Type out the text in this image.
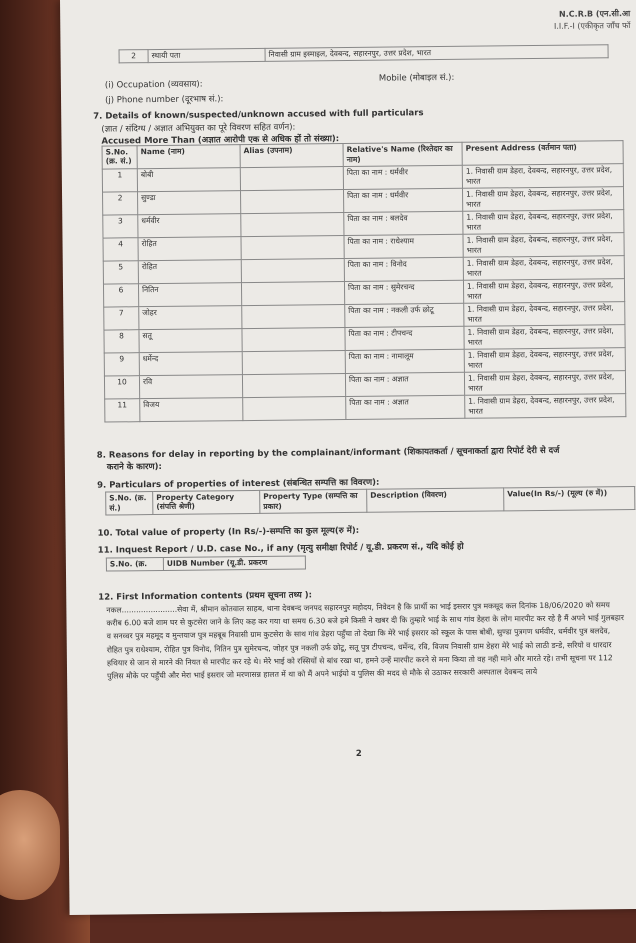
N.C.R.B (एन.सी.आ
I.I.F.-I (एकीकृत जाँच फॉ
2	स्थायी पता	निवासी ग्राम इस्माइल, देवबन्द, सहारनपुर, उत्तर प्रदेश, भारत
(i) Occupation (व्यवसाय):
Mobile (मोबाइल सं.):
(j) Phone number (दूरभाष सं.):
7. Details of known/suspected/unknown accused with full particulars
(ज्ञात / संदिग्ध / अज्ञात अभियुक्त का पूरे विवरण सहित वर्णन):
Accused More Than (अज्ञात आरोपी एक से अधिक हों तो संख्या):
S.No.(क्र. सं.)	Name (नाम)	Alias (उपनाम)	Relative's Name (रिश्तेदार का नाम)	Present Address (वर्तमान पता)
1	बोबी		पिता का नाम : धर्मवीर	1. निवासी ग्राम डेहरा, देवबन्द, सहारनपुर, उत्तर प्रदेश, भारत
2	सुण्डा		पिता का नाम : धर्मवीर	1. निवासी ग्राम डेहरा, देवबन्द, सहारनपुर, उत्तर प्रदेश, भारत
3	धर्मवीर		पिता का नाम : बलदेव	1. निवासी ग्राम डेहरा, देवबन्द, सहारनपुर, उत्तर प्रदेश, भारत
4	रोहित		पिता का नाम : राधेश्याम	1. निवासी ग्राम डेहरा, देवबन्द, सहारनपुर, उत्तर प्रदेश, भारत
5	रोहित		पिता का नाम : विनोद	1. निवासी ग्राम डेहरा, देवबन्द, सहारनपुर, उत्तर प्रदेश, भारत
6	नितिन		पिता का नाम : सुमेरचन्द	1. निवासी ग्राम डेहरा, देवबन्द, सहारनपुर, उत्तर प्रदेश, भारत
7	जोहर		पिता का नाम : नकली उर्फ छोटू	1. निवासी ग्राम डेहरा, देवबन्द, सहारनपुर, उत्तर प्रदेश, भारत
8	सतू		पिता का नाम : टीपचन्द	1. निवासी ग्राम डेहरा, देवबन्द, सहारनपुर, उत्तर प्रदेश, भारत
9	धर्मेन्द		पिता का नाम : नामालूम	1. निवासी ग्राम डेहरा, देवबन्द, सहारनपुर, उत्तर प्रदेश, भारत
10	रवि		पिता का नाम : अज्ञात	1. निवासी ग्राम डेहरा, देवबन्द, सहारनपुर, उत्तर प्रदेश, भारत
11	विजय		पिता का नाम : अज्ञात	1. निवासी ग्राम डेहरा, देवबन्द, सहारनपुर, उत्तर प्रदेश, भारत
8. Reasons for delay in reporting by the complainant/informant (शिकायतकर्ता / सूचनाकर्ता द्वारा रिपोर्ट देरी से दर्ज
कराने के कारण):
9. Particulars of properties of interest (संबन्धित सम्पत्ति का विवरण):
S.No. (क्र. सं.)	Property Category (संपत्ति श्रेणी)	Property Type (सम्पत्ति का प्रकार)	Description (विवरण)	Value(In Rs/-) (मूल्य (रु में))
10. Total value of property (In Rs/-)-सम्पत्ति का कुल मूल्य(रु में):
11. Inquest Report / U.D. case No., if any (मृत्यु समीक्षा रिपोर्ट / यू.डी. प्रकरण सं., यदि कोई हो
S.No. (क्र.	UIDB Number (यू.डी. प्रकरण
12. First Information contents (प्रथम सूचना तथ्य ):
नकल.......................सेवा में, श्रीमान कोतवाल साहब, थाना देवबन्द जनपद सहारनपुर महोदय, निवेदन है कि प्रार्थी का भाई इसरार पुत्र मकसूद कल दिनांक 18/06/2020 को समय करीब 6.00 बजे शाम घर से कुटसेरा जाने के लिए कह कर गया था समय 6.30 बजे हमे किसी ने खबर दी कि तुम्हारे भाई के साथ गांव डेहरा के लोग मारपीट कर रहे है मैं अपने भाई गुलबहार व सनव्वर पुत्र महमूद व मुन्तयाज पुत्र महबूब निवासी ग्राम कुटसेरा के साथ गांव डेहरा पहुँचा तो देखा कि मेरे भाई इसरार को स्कूल के पास बोबी, सुण्डा पुत्रगण धर्मवीर, धर्मवीर पुत्र बलदेव, रोहित पुत्र राधेश्याम, रोहित पुत्र विनोद, नितिन पुत्र सुमेरचन्द, जोहर पुत्र नकली उर्फ छोटू, सतू पुत्र टीपचन्द, धर्मेन्द, रवि, विजय निवासी ग्राम डेहरा मेरे भाई को लाठी डन्डे, सरियो व धारदार हथियार से जान से मारने की नियत से मारपीट कर रहे थे। मेरे भाई को रस्सियों से बांध रखा था, हमने उन्हें मारपीट करने से मना किया तो वह नही माने और मारते रहे। तभी सूचना पर 112 पुलिस मौके पर पहुँची और मेरा भाई इसरार जो मरणासन्न हालत में था को मैं अपने भाईयो व पुलिस की मदद से मौके से उठाकर सरकारी अस्पताल देवबन्द लाये
2
